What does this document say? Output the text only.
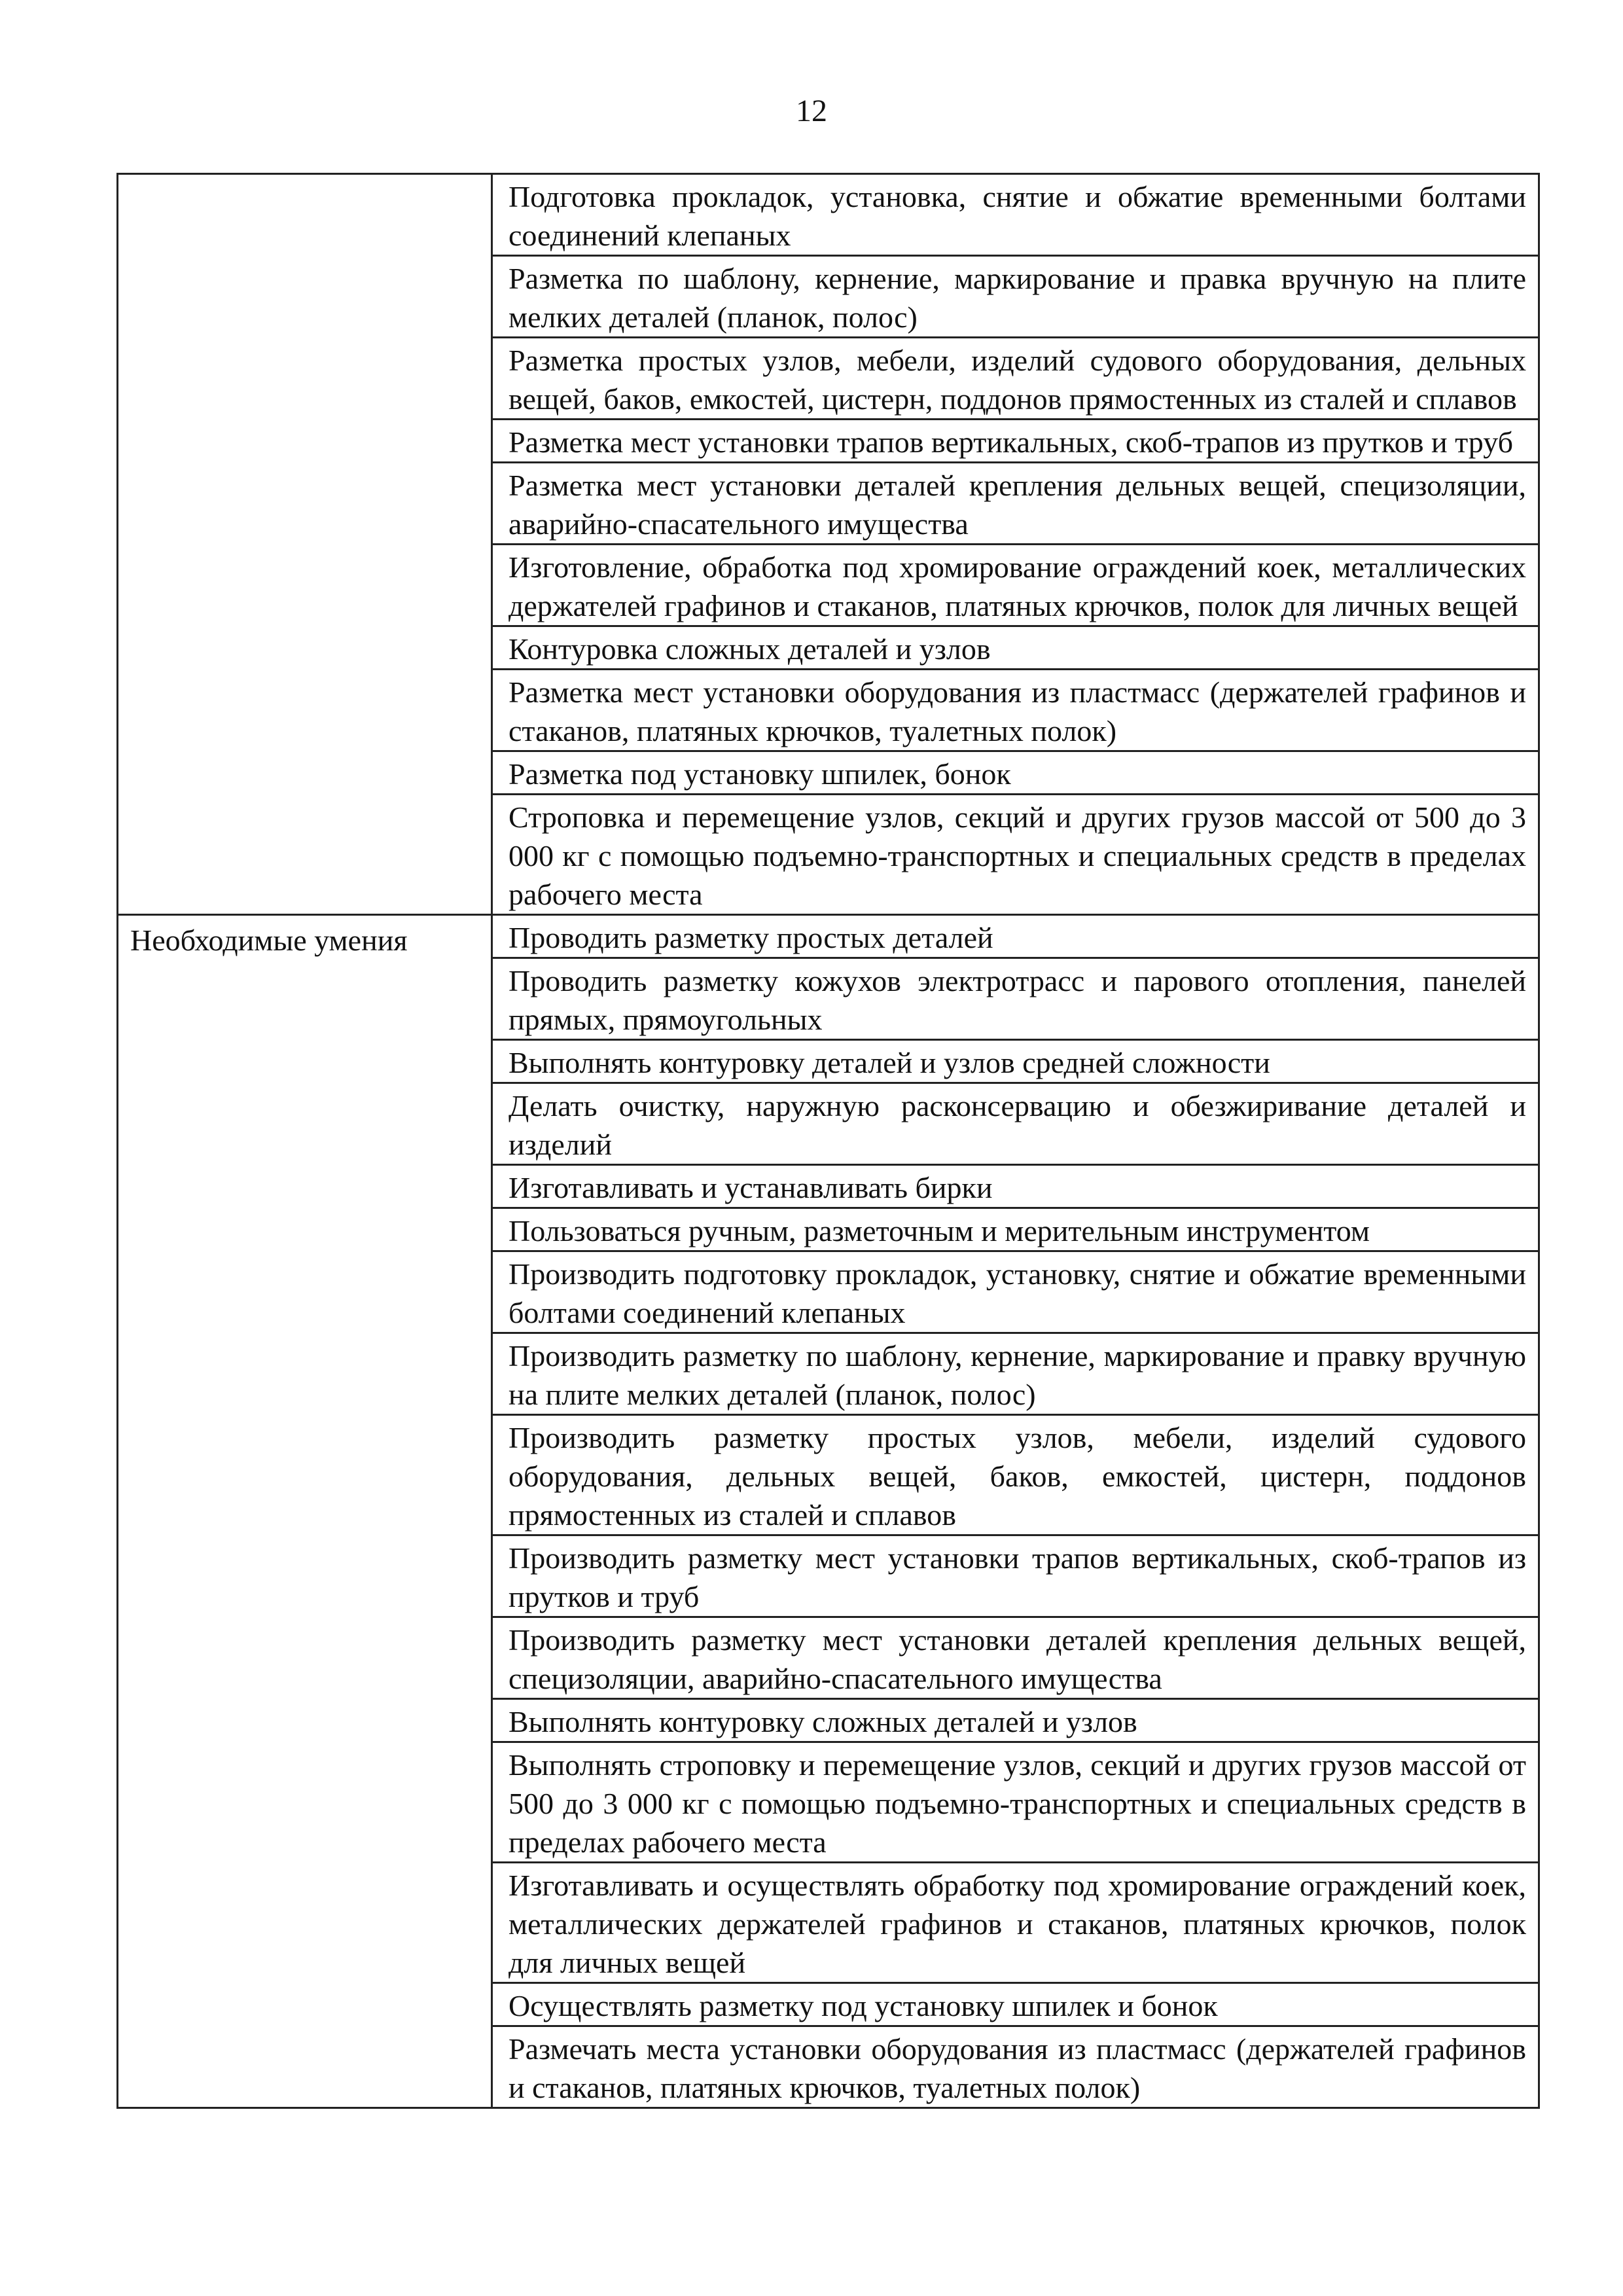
12
	Подготовка прокладок, установка, снятие и обжатие временными болтами соединений клепаных
	Разметка по шаблону, кернение, маркирование и правка вручную на плите мелких деталей (планок, полос)
	Разметка простых узлов, мебели, изделий судового оборудования, дельных вещей, баков, емкостей, цистерн, поддонов прямостенных из сталей и сплавов
	Разметка мест установки трапов вертикальных, скоб-трапов из прутков и труб
	Разметка мест установки деталей крепления дельных вещей, специзоляции, аварийно-спасательного имущества
	Изготовление, обработка под хромирование ограждений коек, металлических держателей графинов и стаканов, платяных крючков, полок для личных вещей
	Контуровка сложных деталей и узлов
	Разметка мест установки оборудования из пластмасс (держателей графинов и стаканов, платяных крючков, туалетных полок)
	Разметка под установку шпилек, бонок
	Строповка и перемещение узлов, секций и других грузов массой от 500 до 3 000 кг с помощью подъемно-транспортных и специальных средств в пределах рабочего места
Необходимые умения	Проводить разметку простых деталей
	Проводить разметку кожухов электротрасс и парового отопления, панелей прямых, прямоугольных
	Выполнять контуровку деталей и узлов средней сложности
	Делать очистку, наружную расконсервацию и обезжиривание деталей и изделий
	Изготавливать и устанавливать бирки
	Пользоваться ручным, разметочным и мерительным инструментом
	Производить подготовку прокладок, установку, снятие и обжатие временными болтами соединений клепаных
	Производить разметку по шаблону, кернение, маркирование и правку вручную на плите мелких деталей (планок, полос)
	Производить разметку простых узлов, мебели, изделий судового оборудования, дельных вещей, баков, емкостей, цистерн, поддонов прямостенных из сталей и сплавов
	Производить разметку мест установки трапов вертикальных, скоб-трапов из прутков и труб
	Производить разметку мест установки деталей крепления дельных вещей, специзоляции, аварийно-спасательного имущества
	Выполнять контуровку сложных деталей и узлов
	Выполнять строповку и перемещение узлов, секций и других грузов массой от 500 до 3 000 кг с помощью подъемно-транспортных и специальных средств в пределах рабочего места
	Изготавливать и осуществлять обработку под хромирование ограждений коек, металлических держателей графинов и стаканов, платяных крючков, полок для личных вещей
	Осуществлять разметку под установку шпилек и бонок
	Размечать места установки оборудования из пластмасс (держателей графинов и стаканов, платяных крючков, туалетных полок)
